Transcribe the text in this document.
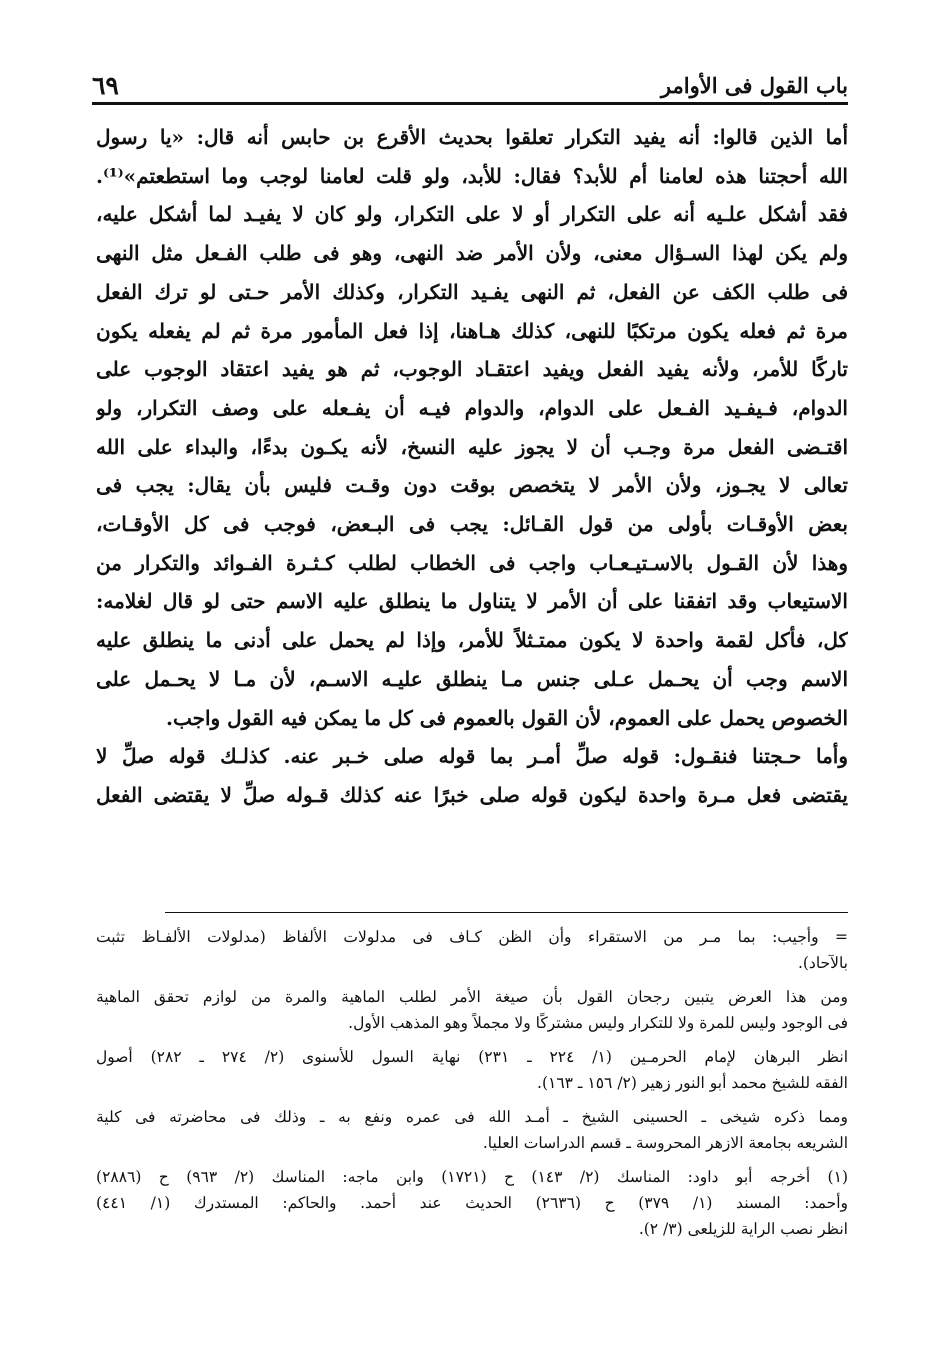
٦٩	باب القول فى الأوامر
أما الذين قالوا: أنه يفيد التكرار تعلقوا بحديث الأقرع بن حابس أنه قال: «يا رسول
الله أحجتنا هذه لعامنا أم للأبد؟ فقال: للأبد، ولو قلت لعامنا لوجب وما استطعتم»⁽¹⁾.
فقد أشكل علـيه أنه على التكرار أو لا على التكرار، ولو كان لا يفيـد لما أشكل عليه،
ولم يكن لهذا السـؤال معنى، ولأن الأمر ضد النهى، وهو فى طلب الفـعل مثل النهى
فى طلب الكف عن الفعل، ثم النهى يفـيد التكرار، وكذلك الأمر حـتى لو ترك الفعل
مرة ثم فعله يكون مرتكبًا للنهى، كذلك هـاهنا، إذا فعل المأمور مرة ثم لم يفعله يكون
تاركًا للأمر، ولأنه يفيد الفعل ويفيد اعتقـاد الوجوب، ثم هو يفيد اعتقاد الوجوب على
الدوام، فـيفـيد الفـعل على الدوام، والدوام فيـه أن يفـعله على وصف التكرار، ولو
اقتـضى الفعل مرة وجـب أن لا يجوز عليه النسخ، لأنه يكـون بدءًا، والبداء على الله
تعالى لا يجـوز، ولأن الأمر لا يتخصص بوقت دون وقـت فليس بأن يقال: يجب فى
بعض الأوقـات بأولى من قول القـائل: يجب فى البـعض، فوجب فى كل الأوقـات،
وهذا لأن القـول بالاسـتيـعـاب واجب فى الخطاب لطلب كـثـرة الفـوائد والتكرار من
الاستيعاب وقد اتفقنا على أن الأمر لا يتناول ما ينطلق عليه الاسم حتى لو قال لغلامه:
كل، فأكل لقمة واحدة لا يكون ممتـثلاً للأمر، وإذا لم يحمل على أدنى ما ينطلق عليه
الاسم وجب أن يحـمل عـلى جنس مـا ينطلق عليـه الاسـم، لأن مـا لا يحـمل على
الخصوص يحمل على العموم، لأن القول بالعموم فى كل ما يمكن فيه القول واجب.
وأما حـجتنا فنقـول: قوله صلِّ أمـر بما قوله صلى خـبر عنه. كذلـك قوله صلِّ لا
يقتضى فعل مـرة واحدة ليكون قوله صلى خبرًا عنه كذلك قـوله صلِّ لا يقتضى الفعل
= وأجيب: بما مـر من الاستقراء وأن الظن كـاف فى مدلولات الألفاظ (مدلولات الألفـاظ تثبت
بالآحاد).
ومن هذا العرض يتبين رجحان القول بأن صيغة الأمر لطلب الماهية والمرة من لوازم تحقق الماهية
فى الوجود وليس للمرة ولا للتكرار وليس مشتركًا ولا مجملاً وهو المذهب الأول.
انظر البرهان لإمام الحرمـين (١/ ٢٢٤ ـ ٢٣١) نهاية السول للأسنوى (٢/ ٢٧٤ ـ ٢٨٢) أصول
الفقه للشيخ محمد أبو النور زهير (٢/ ١٥٦ ـ ١٦٣).
ومما ذكره شيخى ـ الحسينى الشيخ ـ أمـد الله فى عمره ونفع به ـ وذلك فى محاضرته فى كلية
الشريعه بجامعة الازهر المحروسة ـ قسم الدراسات العليا.
(١) أخرجه أبو داود: المناسك (٢/ ١٤٣) ح (١٧٢١) وابن ماجه: المناسك (٢/ ٩٦٣) ح (٢٨٨٦)
وأحمد: المسند (١/ ٣٧٩) ح (٢٦٣٦) الحديث عند أحمد. والحاكم: المستدرك (١/ ٤٤١)
انظر نصب الراية للزيلعى (٣/ ٢).
